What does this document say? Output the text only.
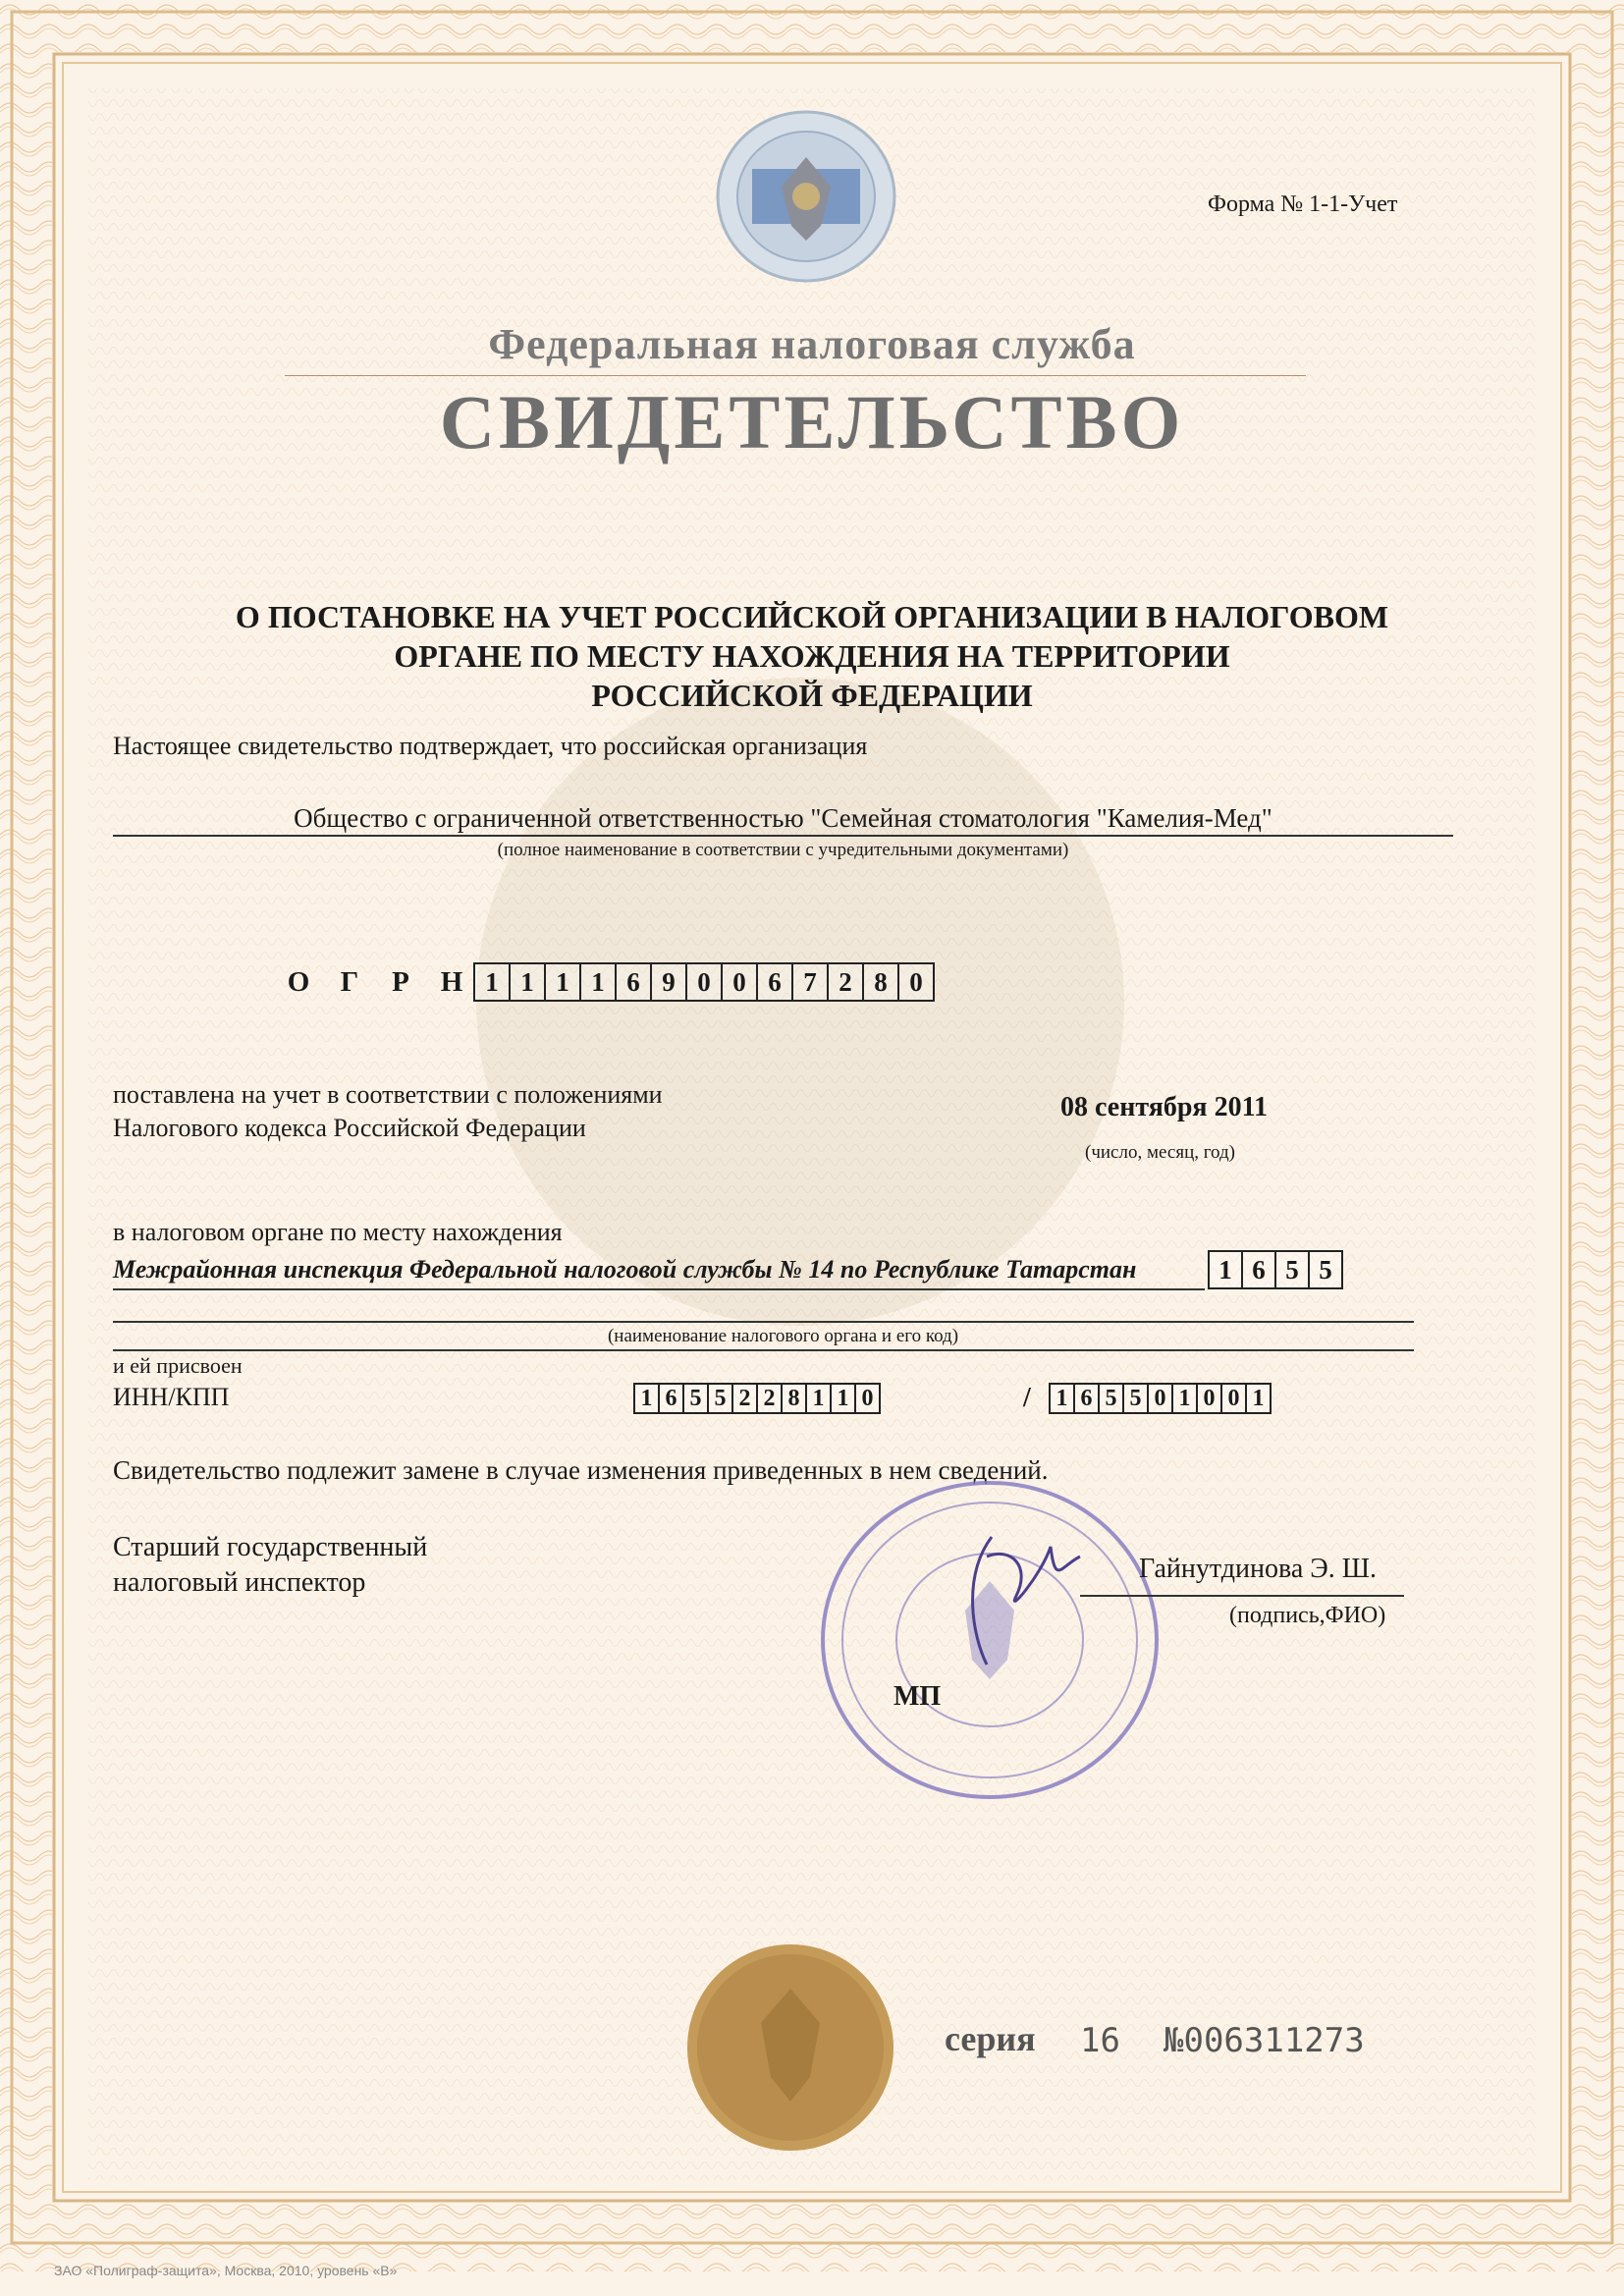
Форма № 1-1-Учет
Федеральная налоговая служба
СВИДЕТЕЛЬСТВО
О ПОСТАНОВКЕ НА УЧЕТ РОССИЙСКОЙ ОРГАНИЗАЦИИ В НАЛОГОВОМ
ОРГАНЕ ПО МЕСТУ НАХОЖДЕНИЯ НА ТЕРРИТОРИИ
РОССИЙСКОЙ ФЕДЕРАЦИИ
Настоящее свидетельство подтверждает, что российская организация
Общество с ограниченной ответственностью "Семейная стоматология "Камелия-Мед"
(полное наименование в соответствии с учредительными документами)
О	Г	Р	Н 1 1 1 1 6 9 0 0 6 7 2 8 0
поставлена на учет в соответствии с положениями
Налогового кодекса Российской Федерации
08 сентября 2011
(число, месяц, год)
в налоговом органе по месту нахождения
Межрайонная инспекция Федеральной налоговой службы № 14 по Республике Татарстан	1 6 5 5
(наименование налогового органа и его код)
и ей присвоен
ИНН/КПП	1 6 5 5 2 2 8 1 1 0	/	1 6 5 5 0 1 0 0 1
Свидетельство подлежит замене в случае изменения приведенных в нем сведений.
Старший государственный
налоговый инспектор	Гайнутдинова Э. Ш.
(подпись,ФИО)
МП
серия 16 №006311273
ЗАО «Полиграф-защита», Москва, 2010, уровень «В»
